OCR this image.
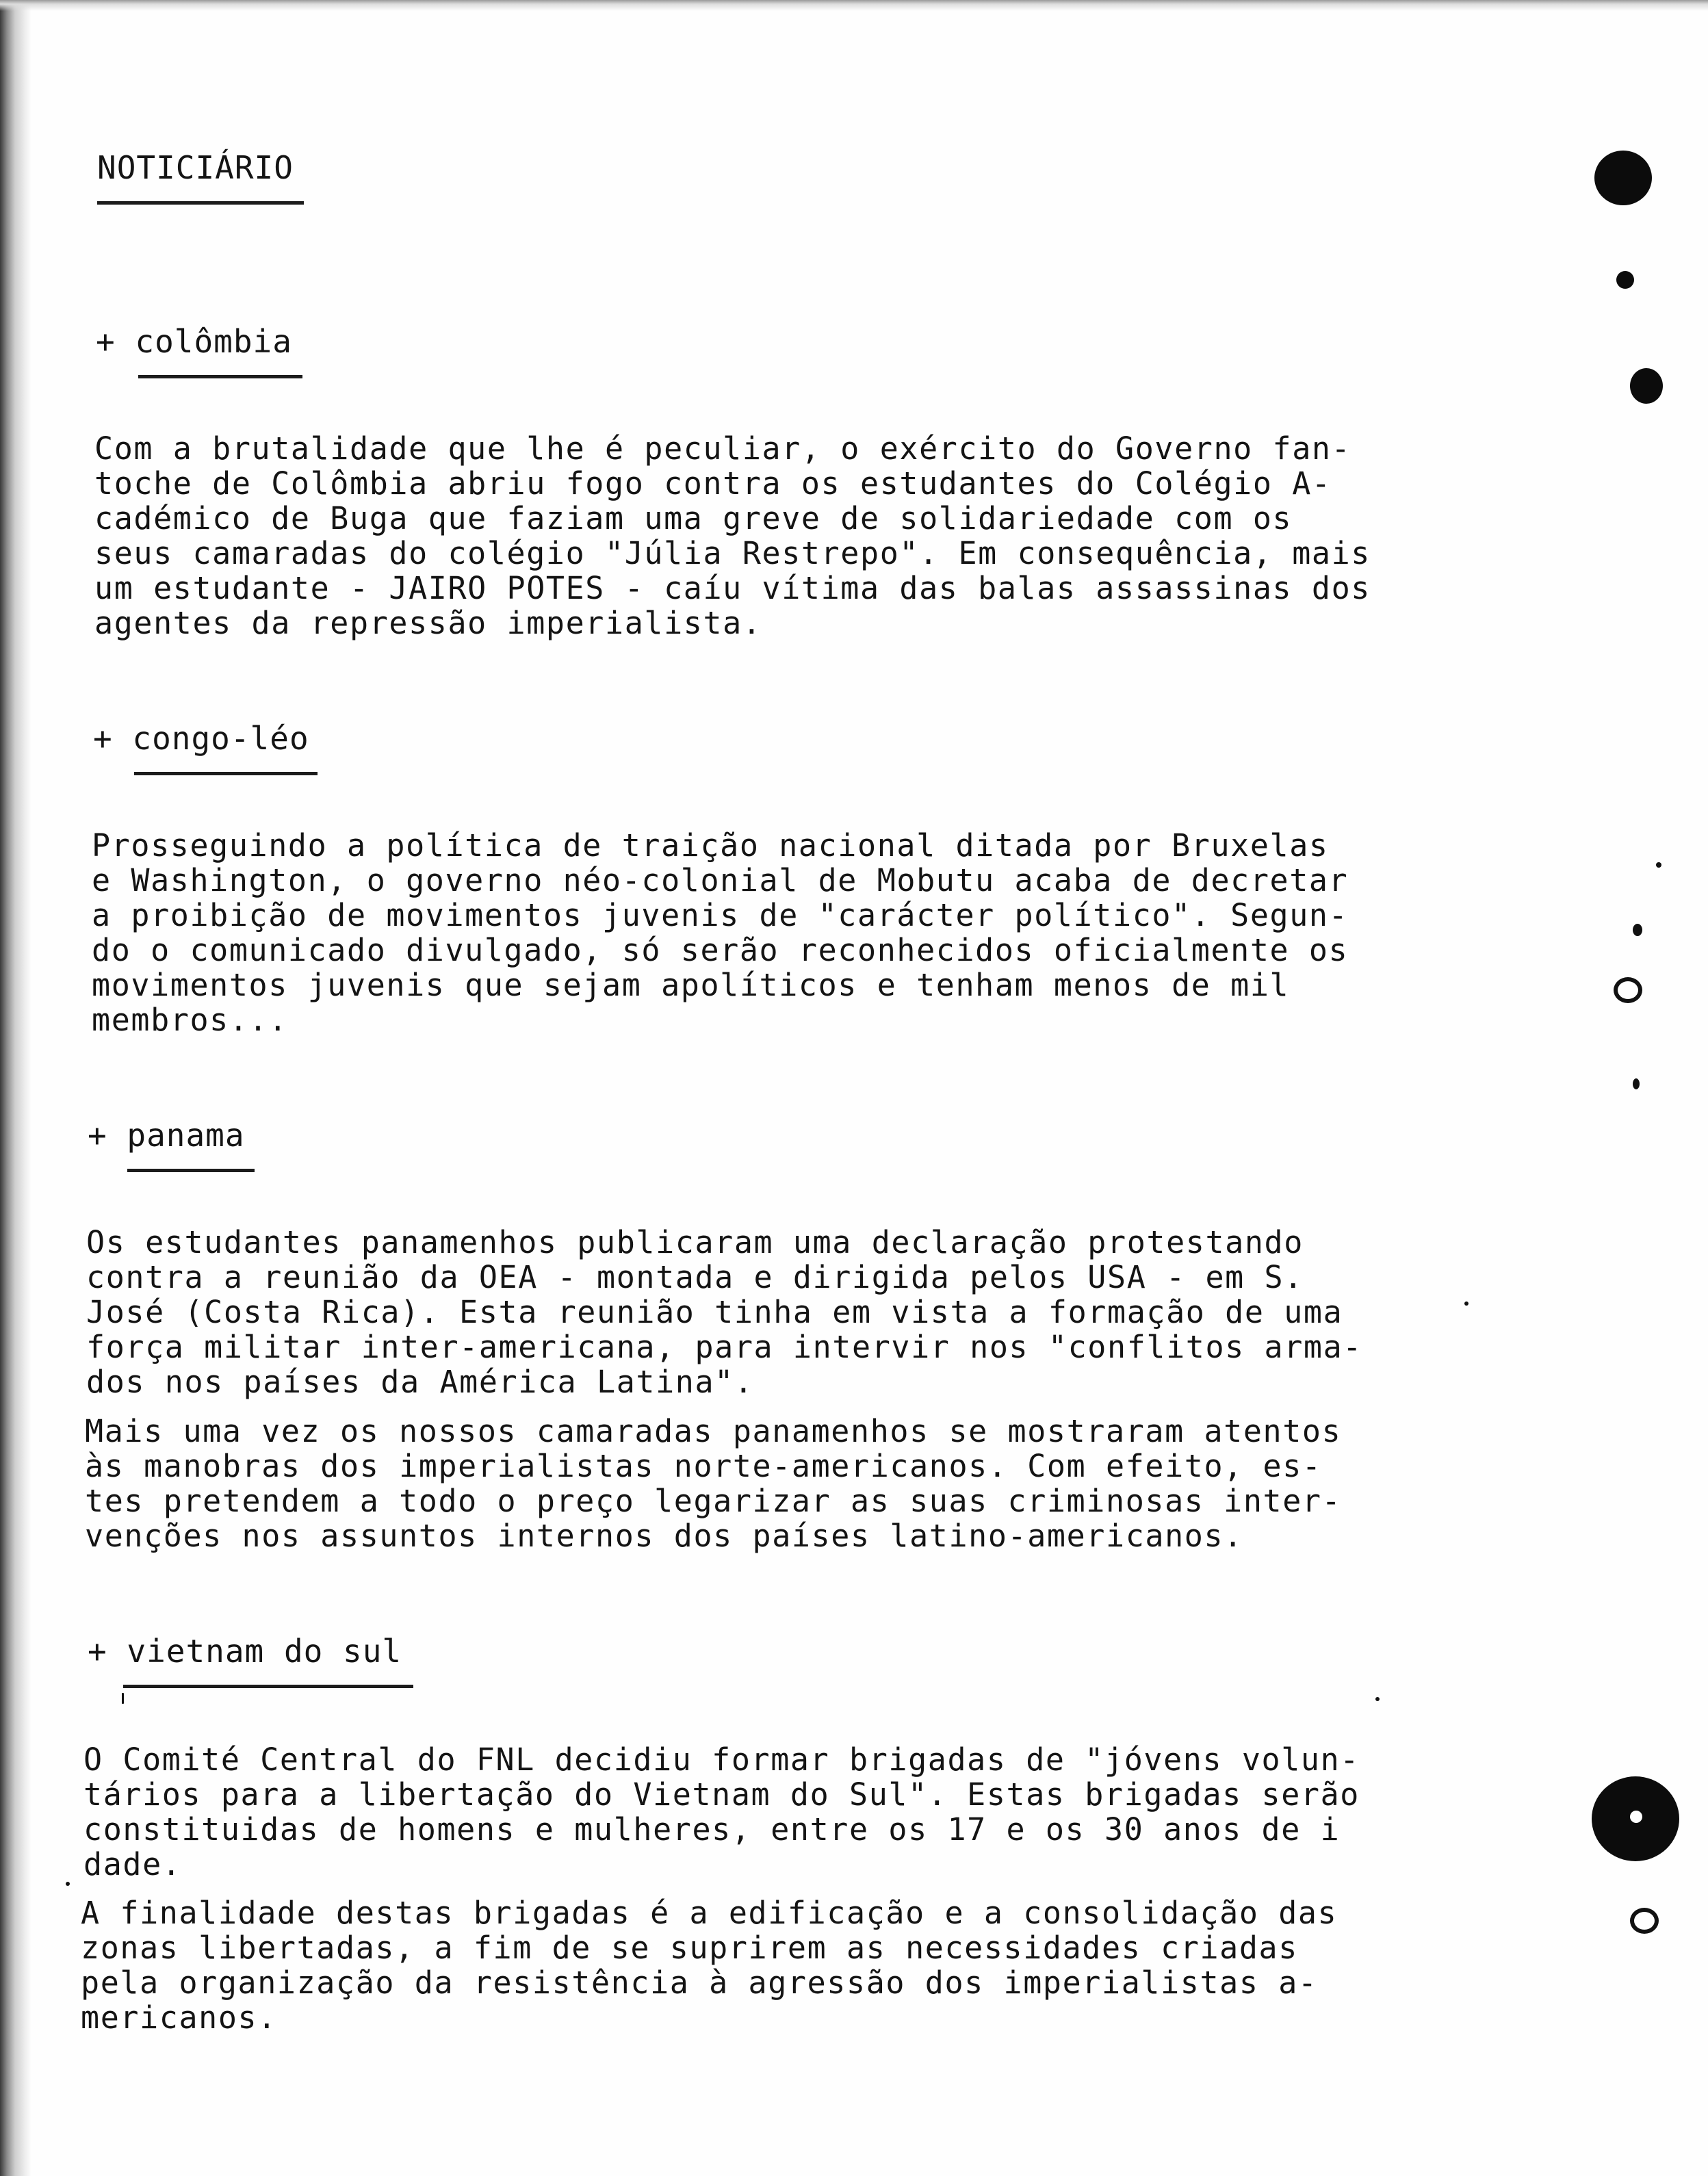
NOTICIÁRIO
+ colômbia
Com a brutalidade que lhe é peculiar, o exército do Governo fan-
toche de Colômbia abriu fogo contra os estudantes do Colégio A-
cadémico de Buga que faziam uma greve de solidariedade com os
seus camaradas do colégio "Júlia Restrepo". Em consequência, mais
um estudante - JAIRO POTES - caíu vítima das balas assassinas dos
agentes da repressão imperialista.
+ congo-léo
Prosseguindo a política de traição nacional ditada por Bruxelas
e Washington, o governo néo-colonial de Mobutu acaba de decretar
a proibição de movimentos juvenis de "carácter político". Segun-
do o comunicado divulgado, só serão reconhecidos oficialmente os
movimentos juvenis que sejam apolíticos e tenham menos de mil
membros...
+ panama
Os estudantes panamenhos publicaram uma declaração protestando
contra a reunião da OEA - montada e dirigida pelos USA - em S.
José (Costa Rica). Esta reunião tinha em vista a formação de uma
força militar inter-americana, para intervir nos "conflitos arma-
dos nos países da América Latina".
Mais uma vez os nossos camaradas panamenhos se mostraram atentos
às manobras dos imperialistas norte-americanos. Com efeito, es-
tes pretendem a todo o preço legarizar as suas criminosas inter-
venções nos assuntos internos dos países latino-americanos.
+ vietnam do sul
O Comité Central do FNL decidiu formar brigadas de "jóvens volun-
tários para a libertação do Vietnam do Sul". Estas brigadas serão
constituidas de homens e mulheres, entre os 17 e os 30 anos de i
dade.
A finalidade destas brigadas é a edificação e a consolidação das
zonas libertadas, a fim de se suprirem as necessidades criadas
pela organização da resistência à agressão dos imperialistas a-
mericanos.
